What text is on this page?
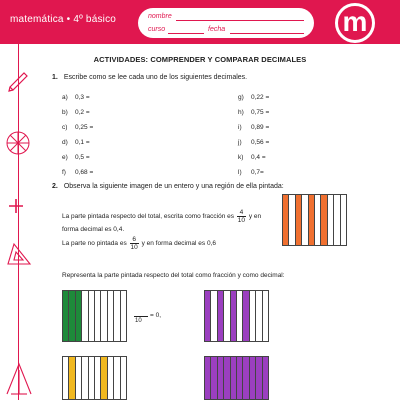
matemática • 4º básico	nombre
curso	fecha	m
ACTIVIDADES: COMPRENDER Y COMPARAR DECIMALES
1. Escribe como se lee cada uno de los siguientes decimales.
a) 0,3 =
b) 0,2 =
c) 0,25 =
d) 0,1 =
e) 0,5 =
f) 0,68 =
g) 0,22 =
h) 0,75 =
i) 0,89 =
j) 0,56 =
k) 0,4 =
l) 0,7=
2. Observa la siguiente imagen de un entero y una región de ella pintada:
La parte pintada respecto del total, escrita como fracción es $\frac{4}{10}$ y en
forma decimal es 0,4.
La parte no pintada es $\frac{6}{10}$ y en forma decimal es 0,6
Representa la parte pintada respecto del total como fracción y como decimal:
10
= 0,
